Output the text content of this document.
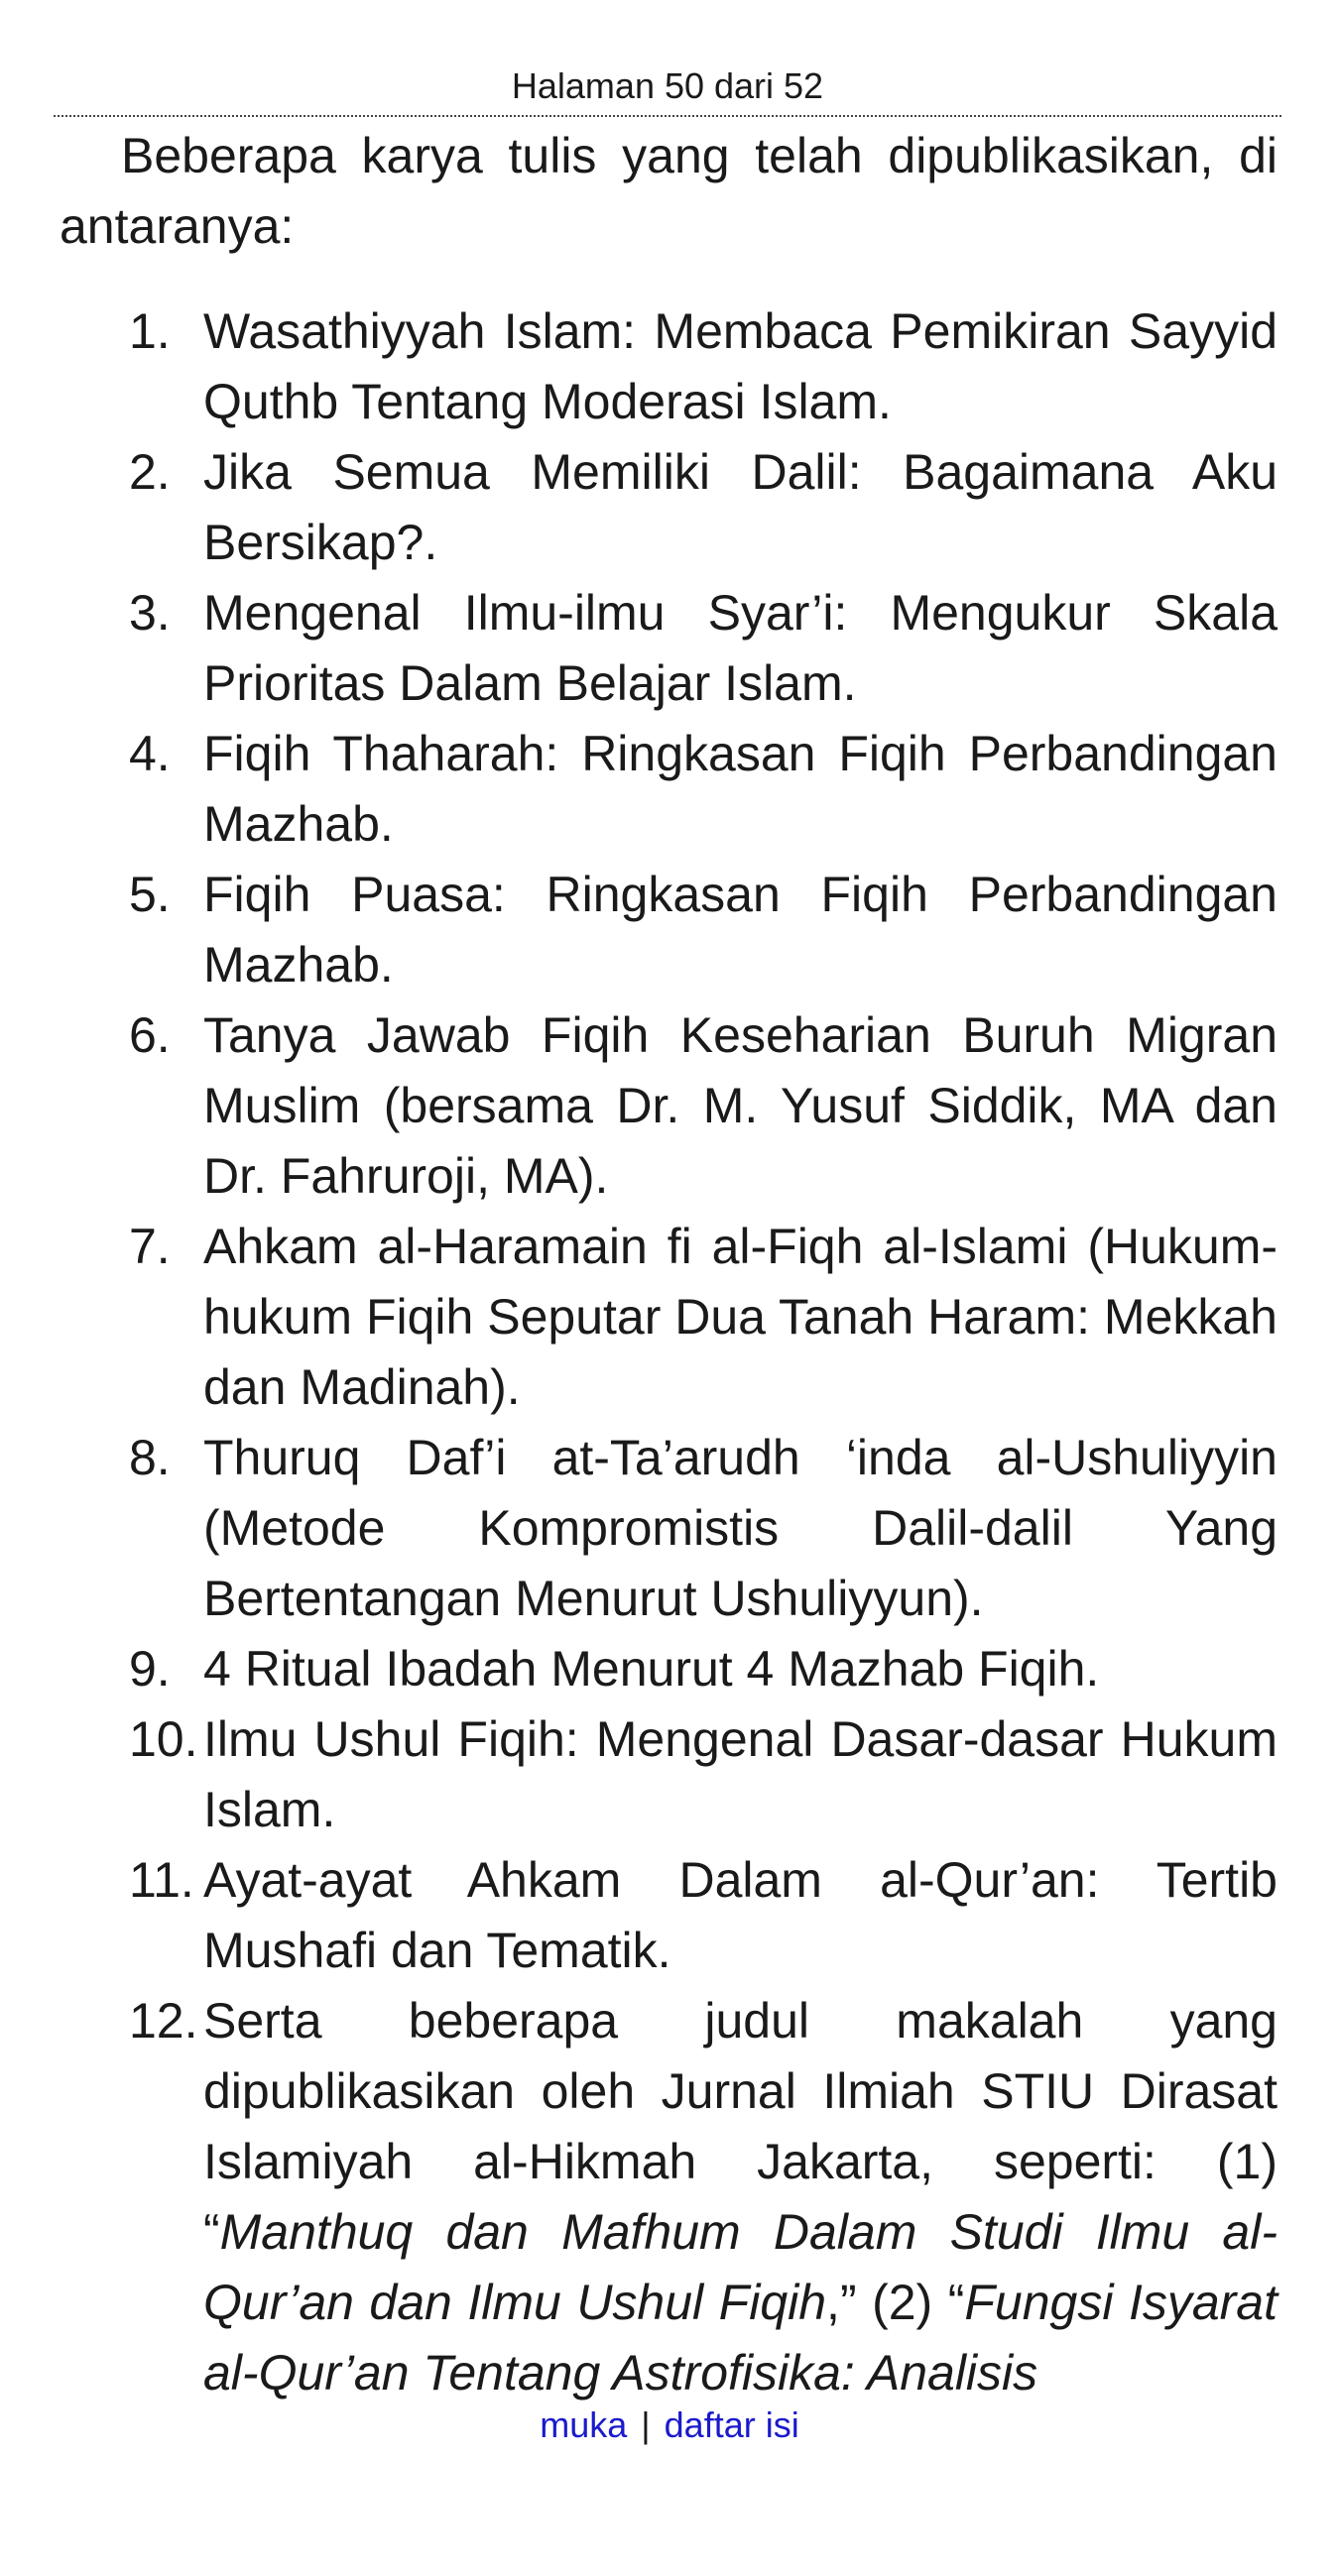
Halaman 50 dari 52

Beberapa karya tulis yang telah dipublikasikan, di antaranya:

1. Wasathiyyah Islam: Membaca Pemikiran Sayyid Quthb Tentang Moderasi Islam.
2. Jika Semua Memiliki Dalil: Bagaimana Aku Bersikap?.
3. Mengenal Ilmu-ilmu Syar’i: Mengukur Skala Prioritas Dalam Belajar Islam.
4. Fiqih Thaharah: Ringkasan Fiqih Perbandingan Mazhab.
5. Fiqih Puasa: Ringkasan Fiqih Perbandingan Mazhab.
6. Tanya Jawab Fiqih Keseharian Buruh Migran Muslim (bersama Dr. M. Yusuf Siddik, MA dan Dr. Fahruroji, MA).
7. Ahkam al-Haramain fi al-Fiqh al-Islami (Hukum-hukum Fiqih Seputar Dua Tanah Haram: Mekkah dan Madinah).
8. Thuruq Daf’i at-Ta’arudh ‘inda al-Ushuliyyin (Metode Kompromistis Dalil-dalil Yang Bertentangan Menurut Ushuliyyun).
9. 4 Ritual Ibadah Menurut 4 Mazhab Fiqih.
10. Ilmu Ushul Fiqih: Mengenal Dasar-dasar Hukum Islam.
11. Ayat-ayat Ahkam Dalam al-Qur’an: Tertib Mushafi dan Tematik.
12. Serta beberapa judul makalah yang dipublikasikan oleh Jurnal Ilmiah STIU Dirasat Islamiyah al-Hikmah Jakarta, seperti: (1) “Manthuq dan Mafhum Dalam Studi Ilmu al-Qur’an dan Ilmu Ushul Fiqih,” (2) “Fungsi Isyarat al-Qur’an Tentang Astrofisika: Analisis
muka | daftar isi
